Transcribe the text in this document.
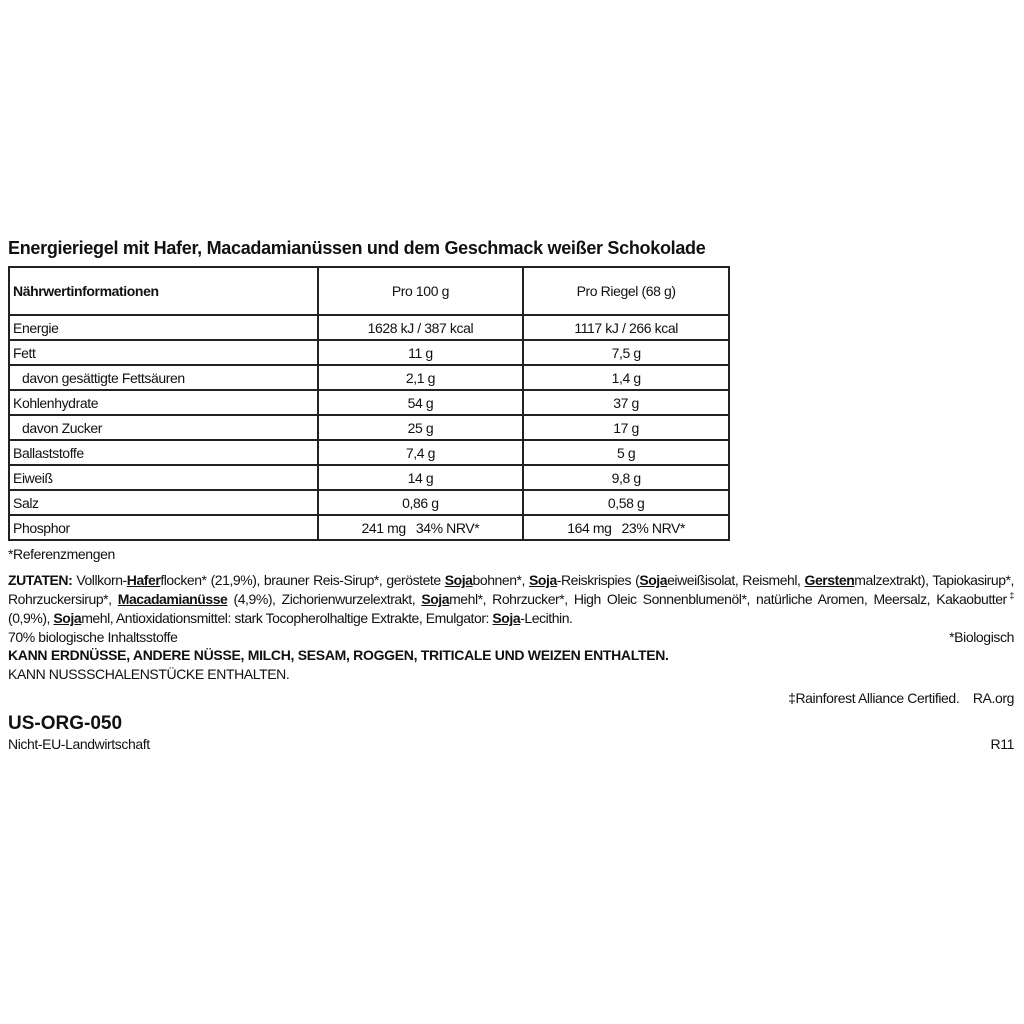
Energieriegel mit Hafer, Macadamianüssen und dem Geschmack weißer Schokolade
Nährwertinformationen	Pro 100 g	Pro Riegel (68 g)
Energie	1628 kJ / 387 kcal	1117 kJ / 266 kcal
Fett	11 g	7,5 g
davon gesättigte Fettsäuren	2,1 g	1,4 g
Kohlenhydrate	54 g	37 g
davon Zucker	25 g	17 g
Ballaststoffe	7,4 g	5 g
Eiweiß	14 g	9,8 g
Salz	0,86 g	0,58 g
Phosphor	241 mg 34% NRV*	164 mg 23% NRV*
*Referenzmengen
ZUTATEN: Vollkorn-Haferflocken* (21,9%), brauner Reis-Sirup*, geröstete Sojabohnen*, Soja-Reiskrispies (Sojaeiweißisolat, Reismehl, Gerstenmalzextrakt), Tapiokasirup*, Rohrzuckersirup*, Macadamianüsse (4,9%), Zichorienwurzelextrakt, Sojamehl*, Rohrzucker*, High Oleic Sonnenblumenöl*, natürliche Aromen, Meersalz, Kakaobutter‡ (0,9%), Sojamehl, Antioxidationsmittel: stark Tocopherolhaltige Extrakte, Emulgator: Soja-Lecithin.
70% biologische Inhaltsstoffe	*Biologisch
KANN ERDNÜSSE, ANDERE NÜSSE, MILCH, SESAM, ROGGEN, TRITICALE UND WEIZEN ENTHALTEN.
KANN NUSSSCHALENSTÜCKE ENTHALTEN.
‡Rainforest Alliance Certified. RA.org
US-ORG-050
Nicht-EU-Landwirtschaft	R11
